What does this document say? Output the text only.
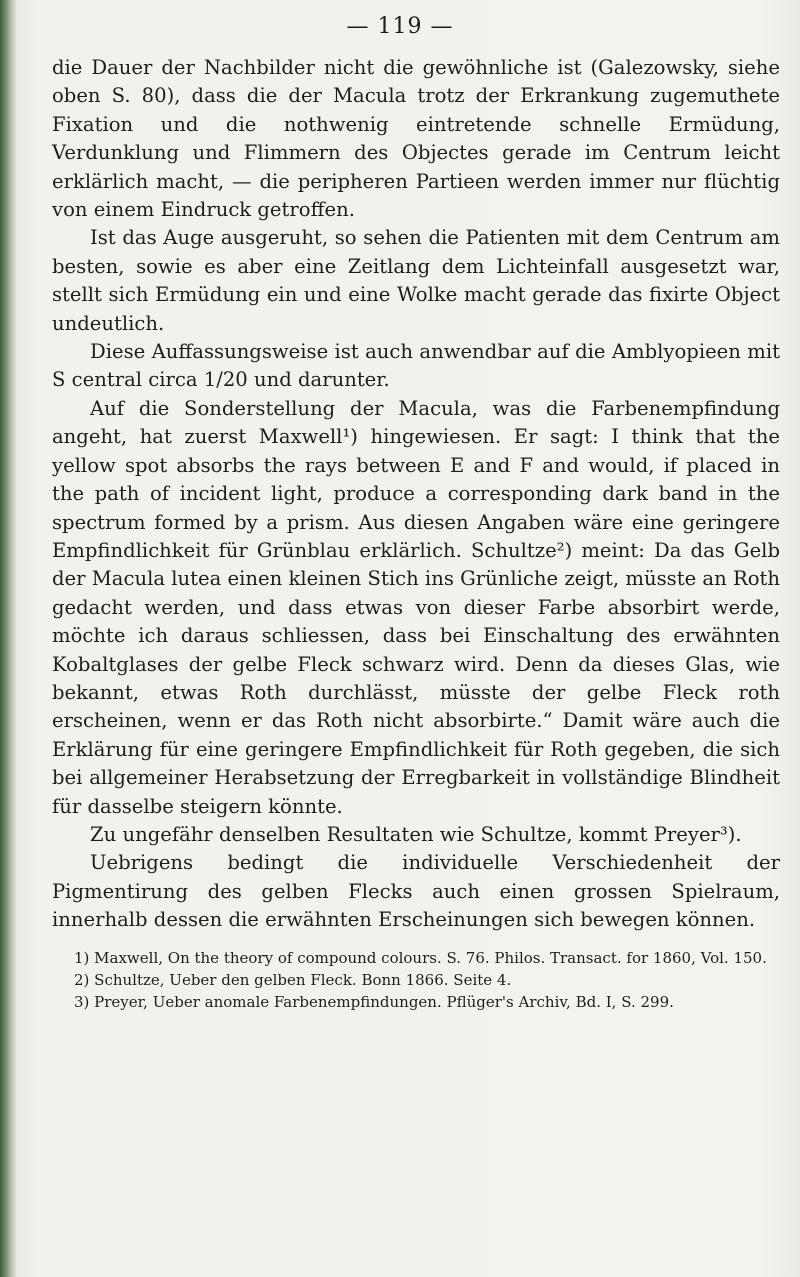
— 119 —

die Dauer der Nachbilder nicht die gewöhnliche ist (Galezowsky, siehe oben S. 80), dass die der Macula trotz der Erkrankung zugemuthete Fixation und die nothwenig eintretende schnelle Ermüdung, Verdunklung und Flimmern des Objectes gerade im Centrum leicht erklärlich macht, — die peripheren Partieen werden immer nur flüchtig von einem Eindruck getroffen.

Ist das Auge ausgeruht, so sehen die Patienten mit dem Centrum am besten, sowie es aber eine Zeitlang dem Lichteinfall ausgesetzt war, stellt sich Ermüdung ein und eine Wolke macht gerade das fixirte Object undeutlich.

Diese Auffassungsweise ist auch anwendbar auf die Amblyopieen mit S central circa 1/20 und darunter.

Auf die Sonderstellung der Macula, was die Farbenempfindung angeht, hat zuerst Maxwell¹) hingewiesen. Er sagt: I think that the yellow spot absorbs the rays between E and F and would, if placed in the path of incident light, produce a corresponding dark band in the spectrum formed by a prism. Aus diesen Angaben wäre eine geringere Empfindlichkeit für Grünblau erklärlich. Schultze²) meint: Da das Gelb der Macula lutea einen kleinen Stich ins Grünliche zeigt, müsste an Roth gedacht werden, und dass etwas von dieser Farbe absorbirt werde, möchte ich daraus schliessen, dass bei Einschaltung des erwähnten Kobaltglases der gelbe Fleck schwarz wird. Denn da dieses Glas, wie bekannt, etwas Roth durchlässt, müsste der gelbe Fleck roth erscheinen, wenn er das Roth nicht absorbirte.“ Damit wäre auch die Erklärung für eine geringere Empfindlichkeit für Roth gegeben, die sich bei allgemeiner Herabsetzung der Erregbarkeit in vollständige Blindheit für dasselbe steigern könnte.

Zu ungefähr denselben Resultaten wie Schultze, kommt Preyer³).

Uebrigens bedingt die individuelle Verschiedenheit der Pigmentirung des gelben Flecks auch einen grossen Spielraum, innerhalb dessen die erwähnten Erscheinungen sich bewegen können.

1) Maxwell, On the theory of compound colours. S. 76. Philos. Transact. for 1860, Vol. 150.

2) Schultze, Ueber den gelben Fleck. Bonn 1866. Seite 4.

3) Preyer, Ueber anomale Farbenempfindungen. Pflüger's Archiv, Bd. I, S. 299.
